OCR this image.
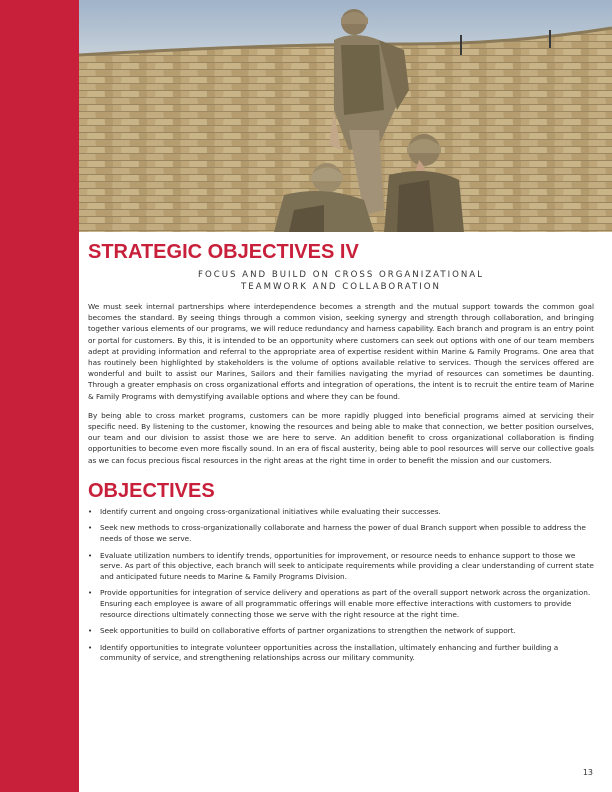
STRATEGIC OBJECTIVES IV
FOCUS AND BUILD ON CROSS ORGANIZATIONAL
TEAMWORK AND COLLABORATION

We must seek internal partnerships where interdependence becomes a strength and the mutual support towards the common goal becomes the standard. By seeing things through a common vision, seeking synergy and strength through collaboration, and bringing together various elements of our programs, we will reduce redundancy and harness capability. Each branch and program is an entry point or portal for customers. By this, it is intended to be an opportunity where customers can seek out options with one of our team members adept at providing information and referral to the appropriate area of expertise resident within Marine & Family Programs. One area that has routinely been highlighted by stakeholders is the volume of options available relative to services. Though the services offered are wonderful and built to assist our Marines, Sailors and their families navigating the myriad of resources can sometimes be daunting. Through a greater emphasis on cross organizational efforts and integration of operations, the intent is to recruit the entire team of Marine & Family Programs with demystifying available options and where they can be found.

By being able to cross market programs, customers can be more rapidly plugged into beneficial programs aimed at servicing their specific need. By listening to the customer, knowing the resources and being able to make that connection, we better position ourselves, our team and our division to assist those we are here to serve. An addition benefit to cross organizational collaboration is finding opportunities to become even more fiscally sound. In an era of fiscal austerity, being able to pool resources will serve our collective goals as we can focus precious fiscal resources in the right areas at the right time in order to benefit the mission and our customers.

OBJECTIVES
• Identify current and ongoing cross-organizational initiatives while evaluating their successes.
• Seek new methods to cross-organizationally collaborate and harness the power of dual Branch support when possible to address the needs of those we serve.
• Evaluate utilization numbers to identify trends, opportunities for improvement, or resource needs to enhance support to those we serve. As part of this objective, each branch will seek to anticipate requirements while providing a clear understanding of current state and anticipated future needs to Marine & Family Programs Division.
• Provide opportunities for integration of service delivery and operations as part of the overall support network across the organization. Ensuring each employee is aware of all programmatic offerings will enable more effective interactions with customers to provide resource directions ultimately connecting those we serve with the right resource at the right time.
• Seek opportunities to build on collaborative efforts of partner organizations to strengthen the network of support.
• Identify opportunities to integrate volunteer opportunities across the installation, ultimately enhancing and further building a community of service, and strengthening relationships across our military community.
13
